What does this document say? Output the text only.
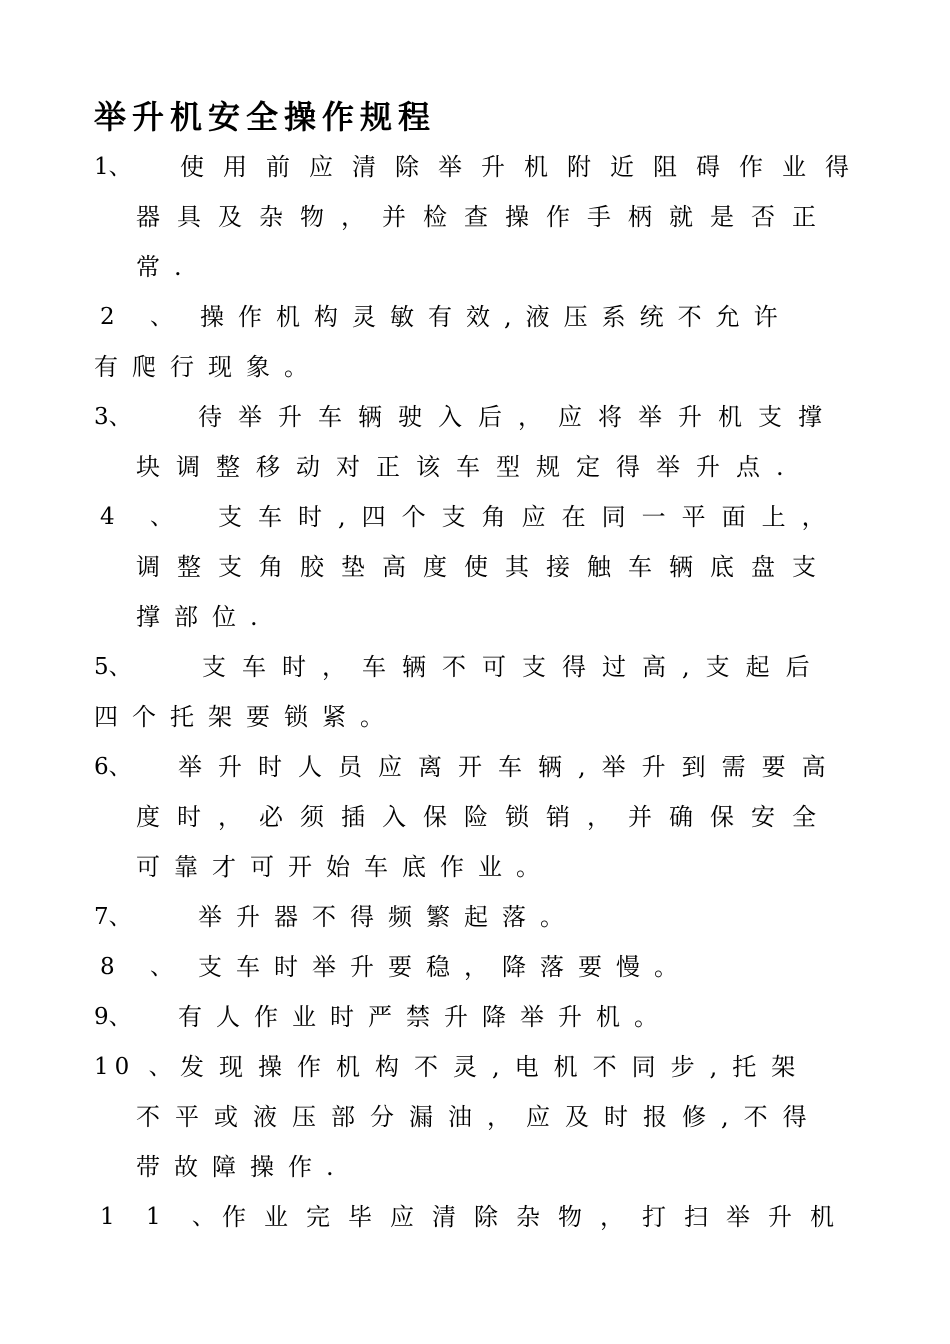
举升机安全操作规程
1、 使用前应清除举升机附近阻碍作业得
器具及杂物，并检查操作手柄就是否正
常.
2 、 操作机构灵敏有效,液压系统不允许
有爬行现象。
3、	待举升车辆驶入后，应将举升机支撑
块调整移动对正该车型规定得举升点.
4 、 支车时,四个支角应在同一平面上，
调整支角胶垫高度使其接触车辆底盘支
撑部位.
5、	支车时，车辆不可支得过高,支起后
四个托架要锁紧。
6、 举升时人员应离开车辆,举升到需要高
度时，必须插入保险锁销，并确保安全
可靠才可开始车底作业。
7、	举升器不得频繁起落。
8 、 支车时举升要稳，降落要慢。
9、 有人作业时严禁升降举升机。
10 、 发现操作机构不灵,电机不同步,托架
不平或液压部分漏油，应及时报修,不得
带故障操作.
1 1 、
作业完毕应清除杂物，打扫举升机
